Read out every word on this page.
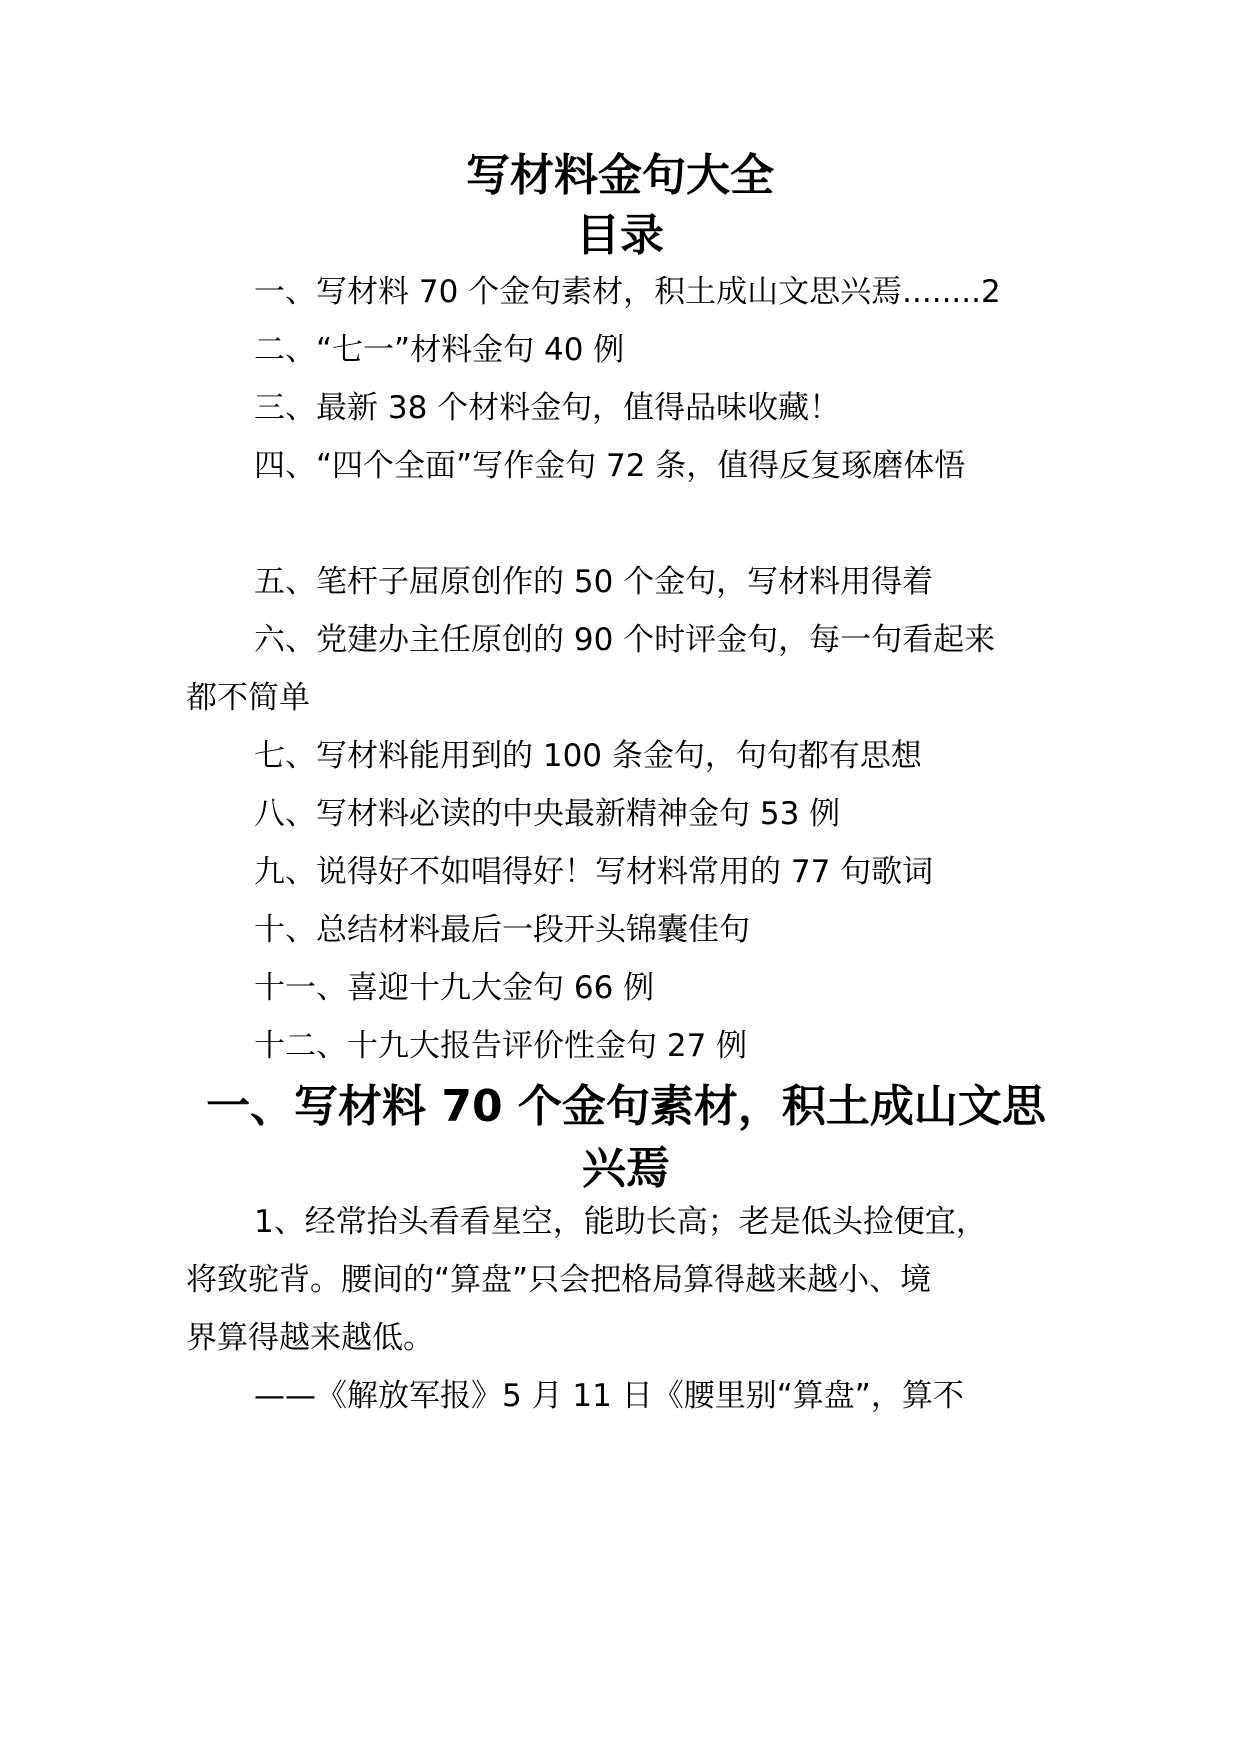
写材料金句大全
目录

一、写材料 70 个金句素材，积土成山文思兴焉........2

二、“七一”材料金句 40 例

三、最新 38 个材料金句，值得品味收藏！

四、“四个全面”写作金句 72 条，值得反复琢磨体悟

五、笔杆子屈原创作的 50 个金句，写材料用得着

六、党建办主任原创的 90 个时评金句，每一句看起来

都不简单

七、写材料能用到的 100 条金句，句句都有思想

八、写材料必读的中央最新精神金句 53 例

九、说得好不如唱得好！写材料常用的 77 句歌词

十、总结材料最后一段开头锦囊佳句

十一、喜迎十九大金句 66 例

十二、十九大报告评价性金句 27 例

一、写材料 70 个金句素材，积土成山文思
兴焉

1、经常抬头看看星空，能助长高；老是低头捡便宜，

将致驼背。腰间的“算盘”只会把格局算得越来越小、境

界算得越来越低。

——《解放军报》5 月 11 日《腰里别“算盘”，算不
